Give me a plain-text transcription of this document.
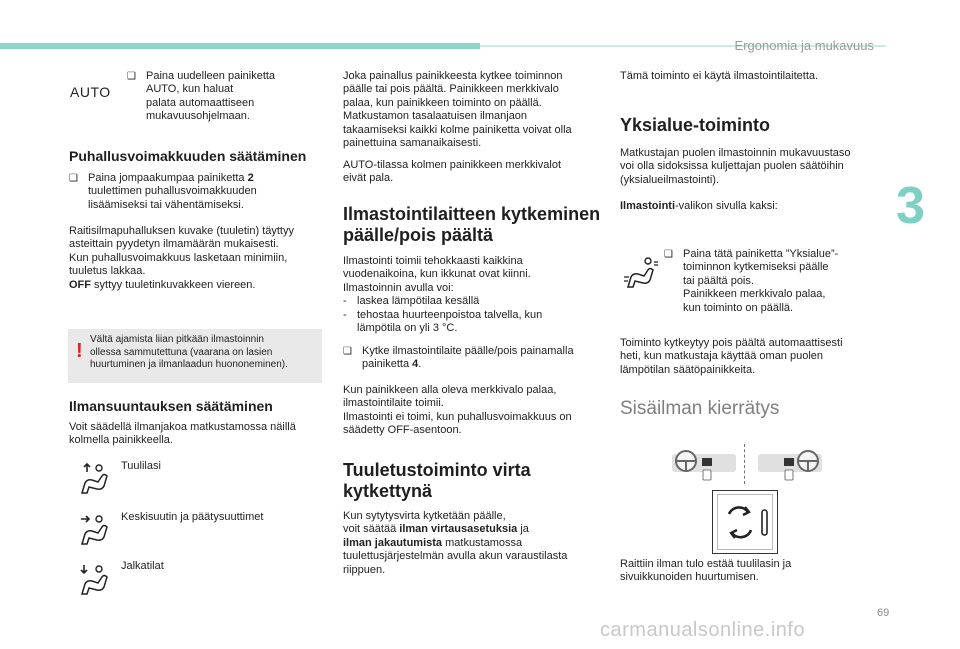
Ergonomia ja mukavuus
3
AUTO
❑ Paina uudelleen painiketta
AUTO, kun haluat
palata automaattiseen
mukavuusohjelmaan.
Puhallusvoimakkuuden säätäminen
❑ Paina jompaakumpaa painiketta 2
tuulettimen puhallusvoimakkuuden
lisäämiseksi tai vähentämiseksi.
Raitisilmapuhalluksen kuvake (tuuletin) täyttyy
asteittain pyydetyn ilmamäärän mukaisesti.
Kun puhallusvoimakkuus lasketaan minimiin,
tuuletus lakkaa.
OFF syttyy tuuletinkuvakkeen viereen.
!
Vältä ajamista liian pitkään ilmastoinnin
ollessa sammutettuna (vaarana on lasien
huurtuminen ja ilmanlaadun huononeminen).
Ilmansuuntauksen säätäminen
Voit säädellä ilmanjakoa matkustamossa näillä
kolmella painikkeella.
Tuulilasi
Keskisuutin ja päätysuuttimet
Jalkatilat
Joka painallus painikkeesta kytkee toiminnon
päälle tai pois päältä. Painikkeen merkkivalo
palaa, kun painikkeen toiminto on päällä.
Matkustamon tasalaatuisen ilmanjaon
takaamiseksi kaikki kolme painiketta voivat olla
painettuina samanaikaisesti.
AUTO-tilassa kolmen painikkeen merkkivalot
eivät pala.
Ilmastointilaitteen kytkeminen
päälle/pois päältä
Ilmastointi toimii tehokkaasti kaikkina
vuodenaikoina, kun ikkunat ovat kiinni.
Ilmastoinnin avulla voi:
- laskea lämpötilaa kesällä
- tehostaa huurteenpoistoa talvella, kun
lämpötila on yli 3 °C.
❑ Kytke ilmastointilaite päälle/pois painamalla
painiketta 4.
Kun painikkeen alla oleva merkkivalo palaa,
ilmastointilaite toimii.
Ilmastointi ei toimi, kun puhallusvoimakkuus on
säädetty OFF-asentoon.
Tuuletustoiminto virta
kytkettynä
Kun sytytysvirta kytketään päälle,
voit säätää ilman virtausasetuksia ja
ilman jakautumista matkustamossa
tuulettusjärjestelmän avulla akun varaustilasta
riippuen.
Tämä toiminto ei käytä ilmastointilaitetta.
Yksialue-toiminto
Matkustajan puolen ilmastoinnin mukavuustaso
voi olla sidoksissa kuljettajan puolen säätöihin
(yksialueilmastointi).
Ilmastointi-valikon sivulla kaksi:
❑ Paina tätä painiketta ”Yksialue”-
toiminnon kytkemiseksi päälle
tai päältä pois.
Painikkeen merkkivalo palaa,
kun toiminto on päällä.
Toiminto kytkeytyy pois päältä automaattisesti
heti, kun matkustaja käyttää oman puolen
lämpötilan säätöpainikkeita.
Sisäilman kierrätys
Raittiin ilman tulo estää tuulilasin ja
sivuikkunoiden huurtumisen.
69
carmanualsonline.info
